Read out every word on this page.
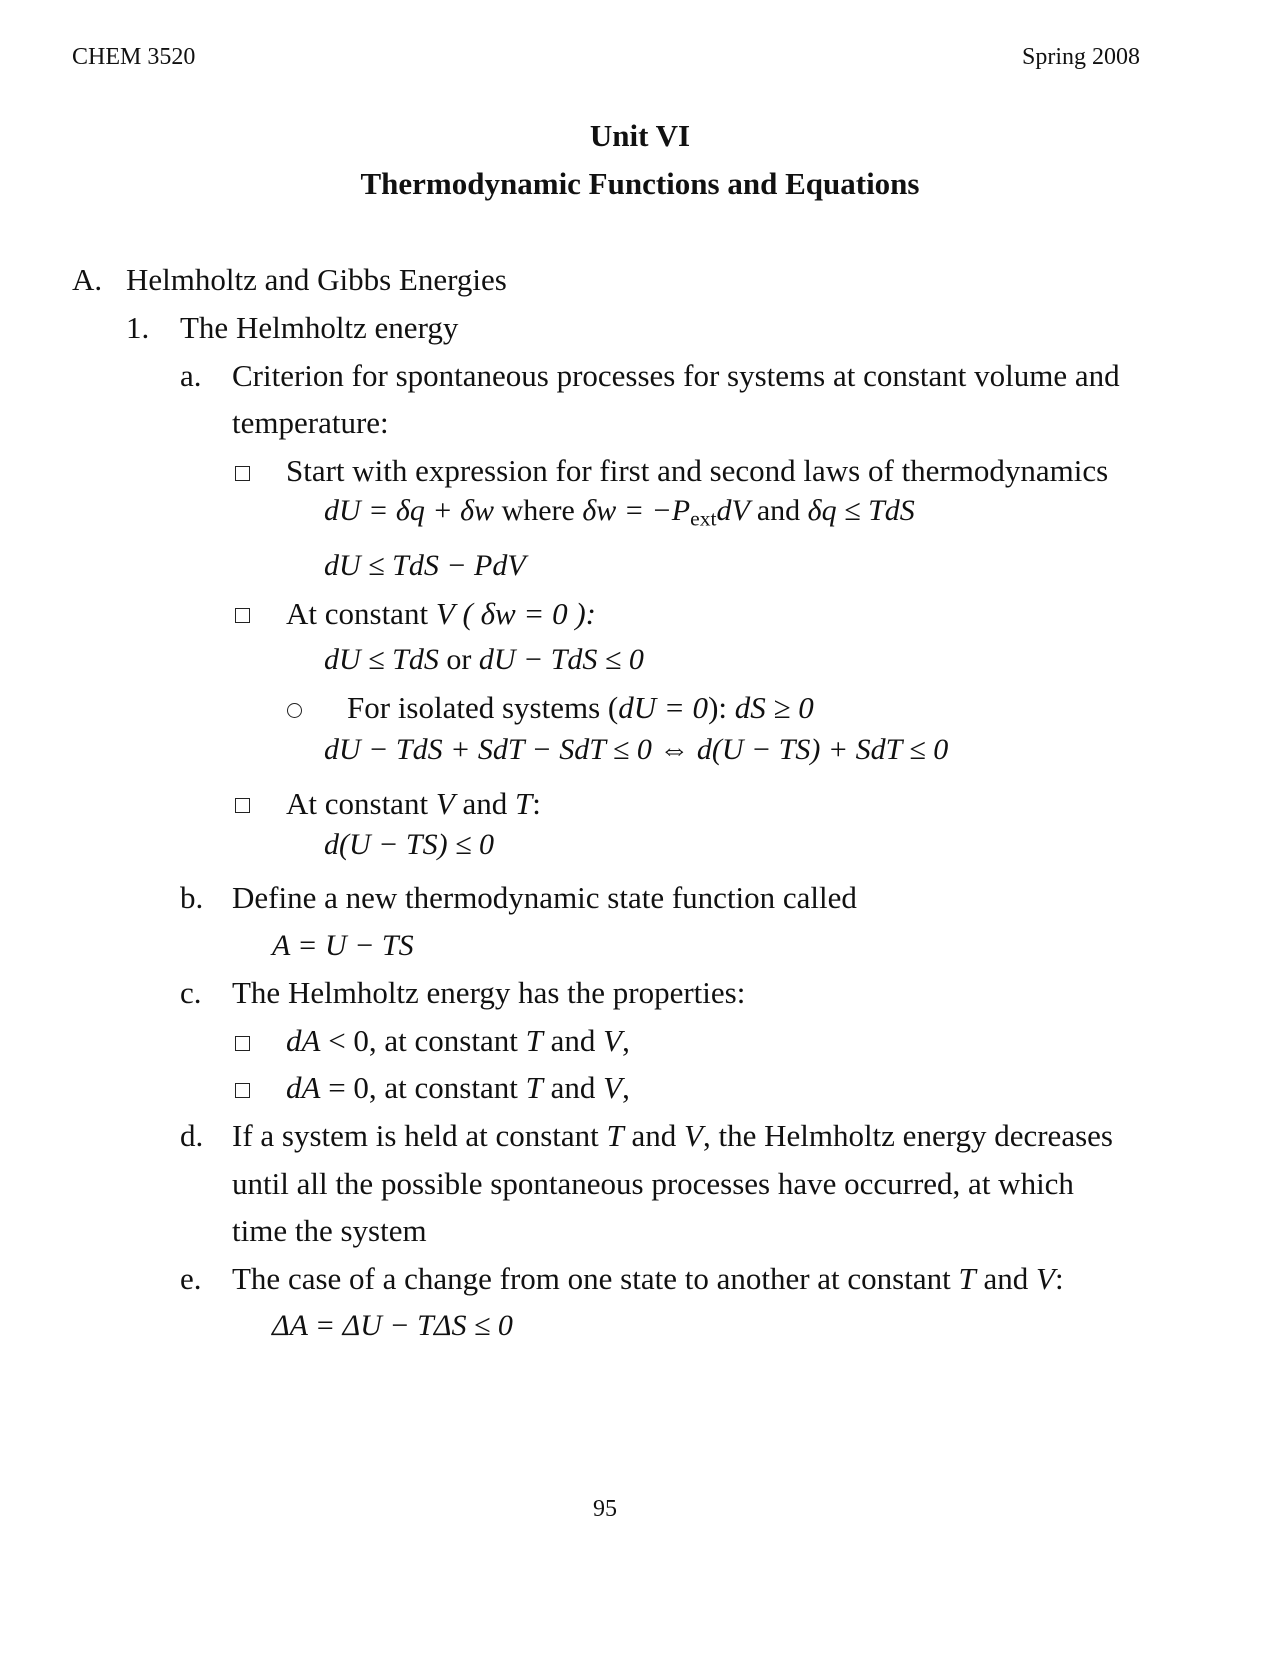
CHEM 3520	Spring 2008
Unit VI
Thermodynamic Functions and Equations
A. Helmholtz and Gibbs Energies
1. The Helmholtz energy
a. Criterion for spontaneous processes for systems at constant volume and
temperature:
Start with expression for first and second laws of thermodynamics
dU = δq + δw where $\delta w = -P_{ext}dV$ and δq ≤ TdS
dU ≤ TdS − PdV
At constant V ( δw = 0 ):
dU ≤ TdS or dU − TdS ≤ 0
For isolated systems (dU = 0): dS ≥ 0
dU − TdS + SdT − SdT ≤ 0 ⇔ d(U − TS) + SdT ≤ 0
At constant V and T:
d(U − TS) ≤ 0
b. Define a new thermodynamic state function called
A = U − TS
c. The Helmholtz energy has the properties:
dA < 0, at constant T and V,
dA = 0, at constant T and V,
d. If a system is held at constant T and V, the Helmholtz energy decreases
until all the possible spontaneous processes have occurred, at which
time the system
e. The case of a change from one state to another at constant T and V:
ΔA = ΔU − TΔS ≤ 0
95
